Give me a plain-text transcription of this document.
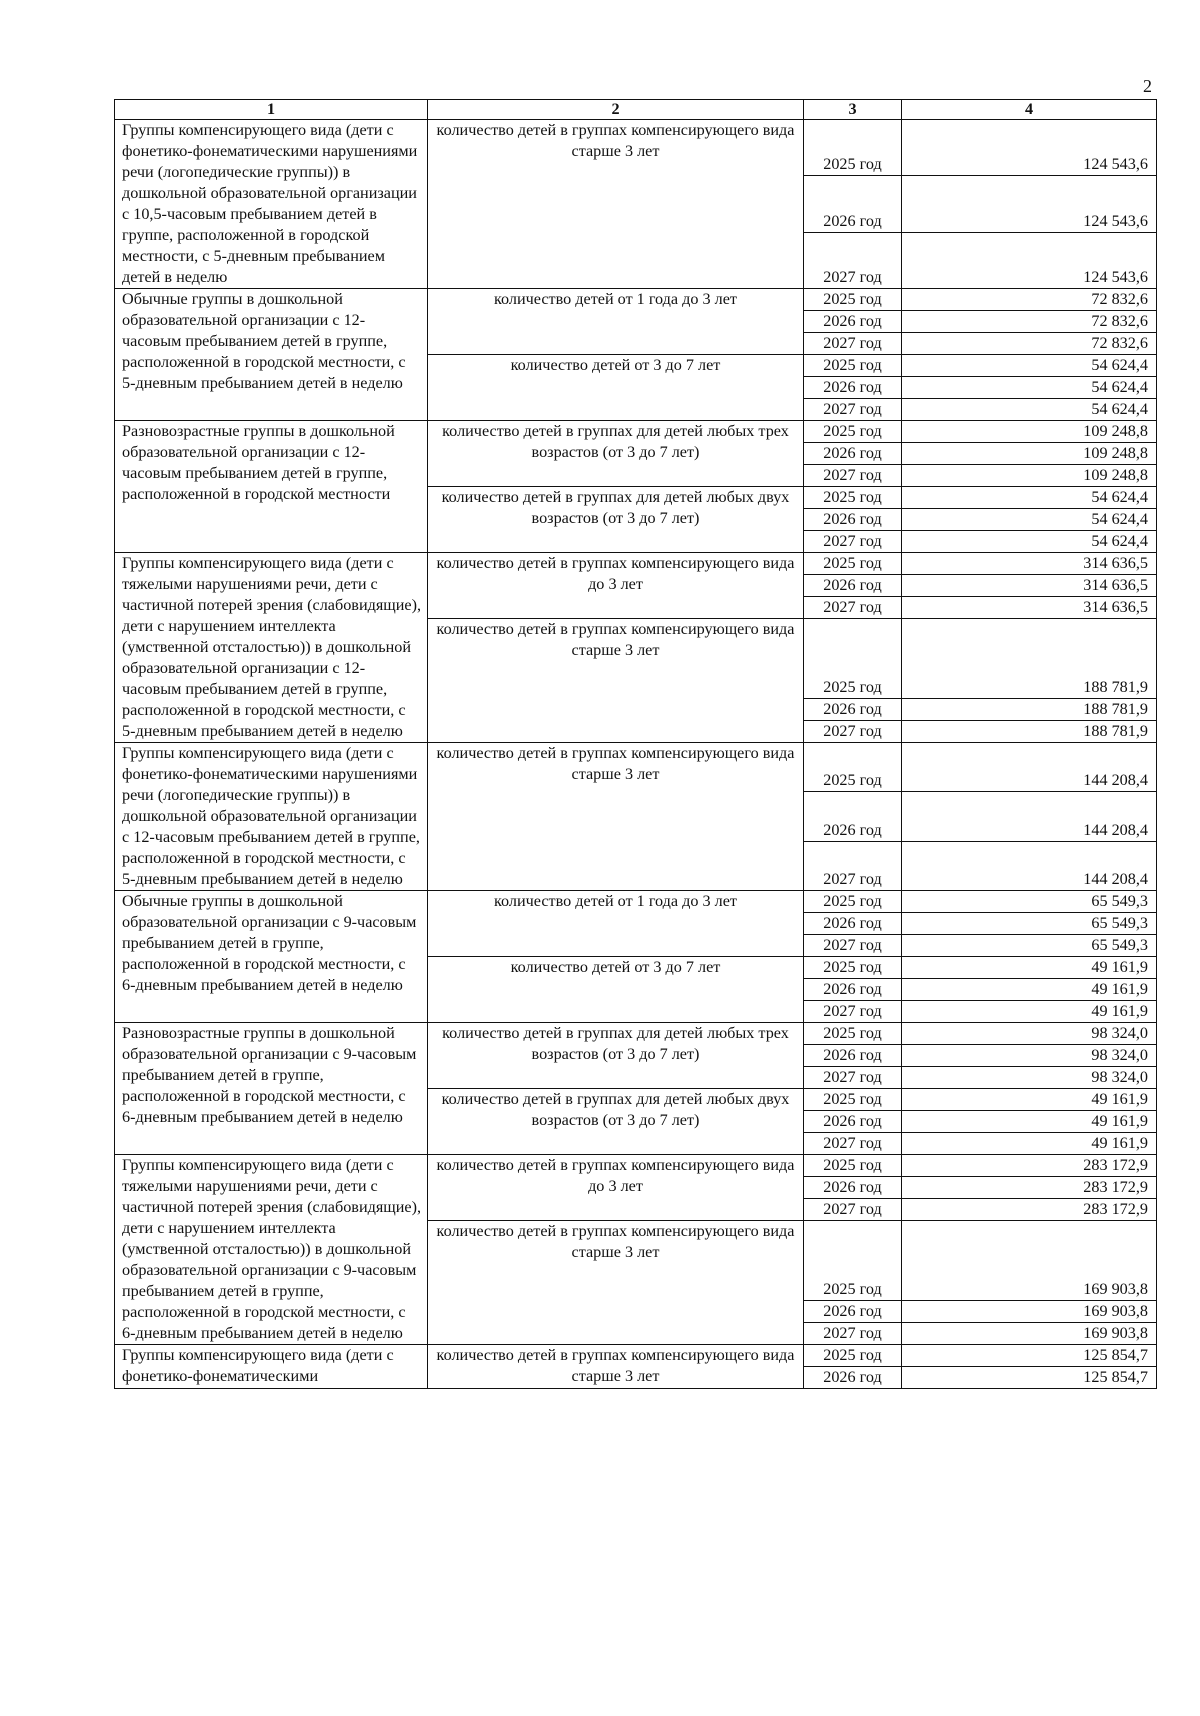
2
1	2	3	4
Группы компенсирующего вида (дети с фонетико-фонематическими нарушениями речи (логопедические группы)) в дошкольной образовательной организации с 10,5-часовым пребыванием детей в группе, расположенной в городской местности, с 5-дневным пребыванием детей в неделю	количество детей в группах компенсирующего вида старше 3 лет	2025 год	124 543,6
		2026 год	124 543,6
		2027 год	124 543,6
Обычные группы в дошкольной образовательной организации с 12-часовым пребыванием детей в группе, расположенной в городской местности, с 5-дневным пребыванием детей в неделю	количество детей от 1 года до 3 лет	2025 год	72 832,6
		2026 год	72 832,6
		2027 год	72 832,6
	количество детей от 3 до 7 лет	2025 год	54 624,4
		2026 год	54 624,4
		2027 год	54 624,4
Разновозрастные группы в дошкольной образовательной организации с 12-часовым пребыванием детей в группе, расположенной в городской местности	количество детей в группах для детей любых трех возрастов (от 3 до 7 лет)	2025 год	109 248,8
		2026 год	109 248,8
		2027 год	109 248,8
	количество детей в группах для детей любых двух возрастов (от 3 до 7 лет)	2025 год	54 624,4
		2026 год	54 624,4
		2027 год	54 624,4
Группы компенсирующего вида (дети с тяжелыми нарушениями речи, дети с частичной потерей зрения (слабовидящие), дети с нарушением интеллекта (умственной отсталостью)) в дошкольной образовательной организации с 12-часовым пребыванием детей в группе, расположенной в городской местности, с 5-дневным пребыванием детей в неделю	количество детей в группах компенсирующего вида до 3 лет	2025 год	314 636,5
		2026 год	314 636,5
		2027 год	314 636,5
	количество детей в группах компенсирующего вида старше 3 лет	2025 год	188 781,9
		2026 год	188 781,9
		2027 год	188 781,9
Группы компенсирующего вида (дети с фонетико-фонематическими нарушениями речи (логопедические группы)) в дошкольной образовательной организации с 12-часовым пребыванием детей в группе, расположенной в городской местности, с 5-дневным пребыванием детей в неделю	количество детей в группах компенсирующего вида старше 3 лет	2025 год	144 208,4
		2026 год	144 208,4
		2027 год	144 208,4
Обычные группы в дошкольной образовательной организации с 9-часовым пребыванием детей в группе, расположенной в городской местности, с 6-дневным пребыванием детей в неделю	количество детей от 1 года до 3 лет	2025 год	65 549,3
		2026 год	65 549,3
		2027 год	65 549,3
	количество детей от 3 до 7 лет	2025 год	49 161,9
		2026 год	49 161,9
		2027 год	49 161,9
Разновозрастные группы в дошкольной образовательной организации с 9-часовым пребыванием детей в группе, расположенной в городской местности, с 6-дневным пребыванием детей в неделю	количество детей в группах для детей любых трех возрастов (от 3 до 7 лет)	2025 год	98 324,0
		2026 год	98 324,0
		2027 год	98 324,0
	количество детей в группах для детей любых двух возрастов (от 3 до 7 лет)	2025 год	49 161,9
		2026 год	49 161,9
		2027 год	49 161,9
Группы компенсирующего вида (дети с тяжелыми нарушениями речи, дети с частичной потерей зрения (слабовидящие), дети с нарушением интеллекта (умственной отсталостью)) в дошкольной образовательной организации с 9-часовым пребыванием детей в группе, расположенной в городской местности, с 6-дневным пребыванием детей в неделю	количество детей в группах компенсирующего вида до 3 лет	2025 год	283 172,9
		2026 год	283 172,9
		2027 год	283 172,9
	количество детей в группах компенсирующего вида старше 3 лет	2025 год	169 903,8
		2026 год	169 903,8
		2027 год	169 903,8
Группы компенсирующего вида (дети с фонетико-фонематическими	количество детей в группах компенсирующего вида старше 3 лет	2025 год	125 854,7
		2026 год	125 854,7
